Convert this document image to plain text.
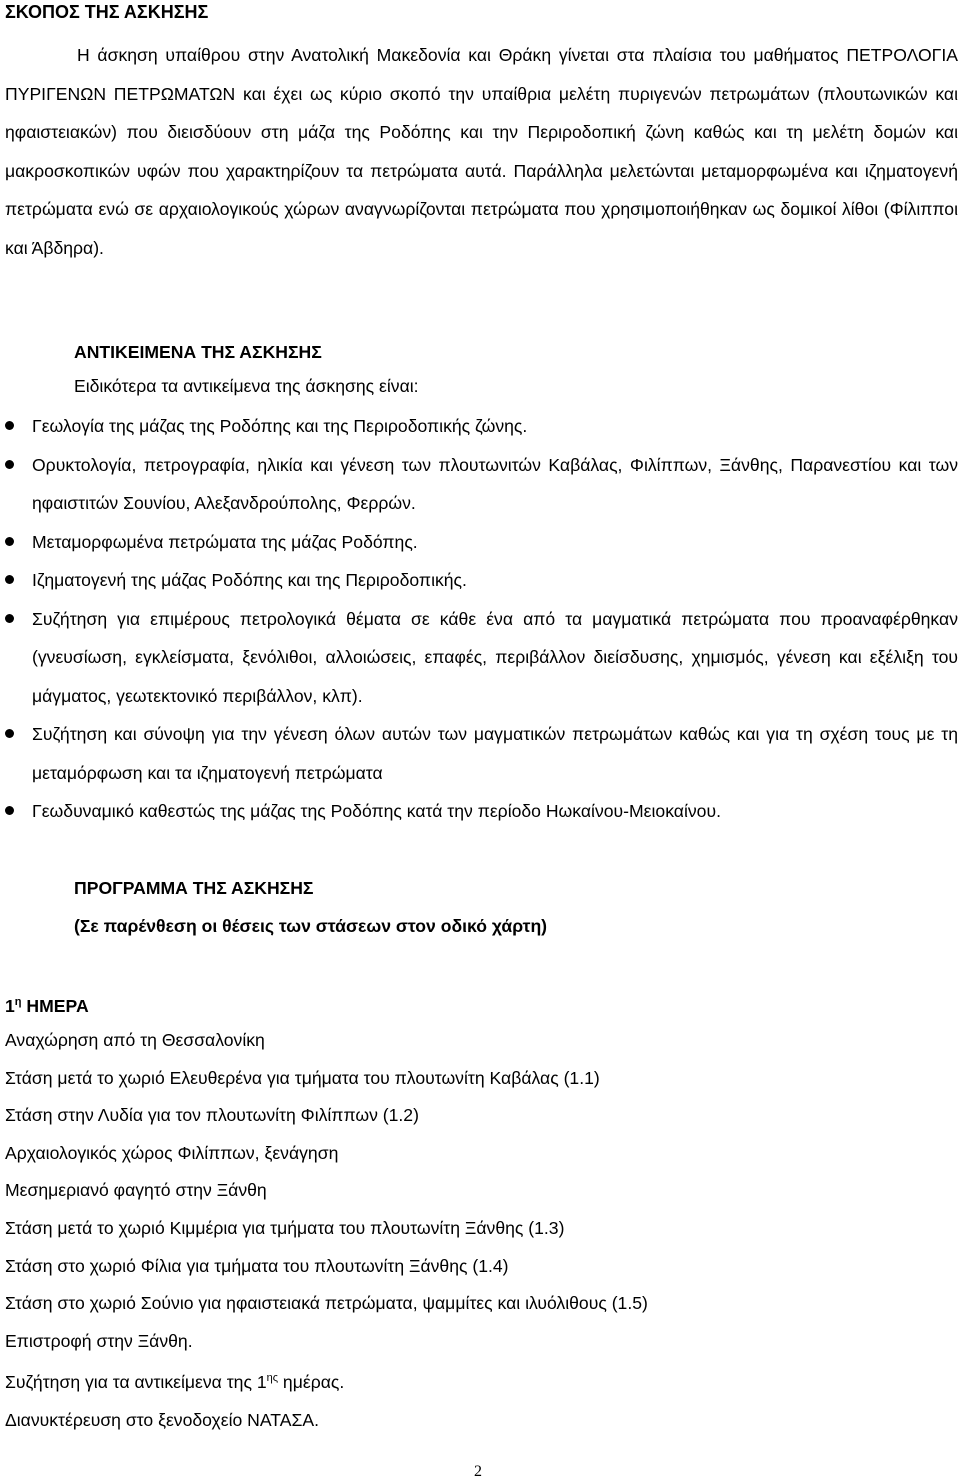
ΣΚΟΠΟΣ ΤΗΣ ΑΣΚΗΣΗΣ

Η άσκηση υπαίθρου στην Ανατολική Μακεδονία και Θράκη γίνεται στα πλαίσια του μαθήματος ΠΕΤΡΟΛΟΓΙΑ ΠΥΡΙΓΕΝΩΝ ΠΕΤΡΩΜΑΤΩΝ και έχει ως κύριο σκοπό την υπαίθρια μελέτη πυριγενών πετρωμάτων (πλουτωνικών και ηφαιστειακών) που διεισδύουν στη μάζα της Ροδόπης και την Περιροδοπική ζώνη καθώς και τη μελέτη δομών και μακροσκοπικών υφών που χαρακτηρίζουν τα πετρώματα αυτά. Παράλληλα μελετώνται μεταμορφωμένα και ιζηματογενή πετρώματα ενώ σε αρχαιολογικούς χώρων αναγνωρίζονται πετρώματα που χρησιμοποιήθηκαν ως δομικοί λίθοι (Φίλιπποι και Άβδηρα).

ΑΝΤΙΚΕΙΜΕΝΑ ΤΗΣ ΑΣΚΗΣΗΣ

Ειδικότερα τα αντικείμενα της άσκησης είναι:

Γεωλογία της μάζας της Ροδόπης και της Περιροδοπικής ζώνης.
Ορυκτολογία, πετρογραφία, ηλικία και γένεση των πλουτωνιτών Καβάλας, Φιλίππων, Ξάνθης, Παρανεστίου και των ηφαιστιτών Σουνίου, Αλεξανδρούπολης, Φερρών.
Μεταμορφωμένα πετρώματα της μάζας Ροδόπης.
Ιζηματογενή της μάζας Ροδόπης και της Περιροδοπικής.
Συζήτηση για επιμέρους πετρολογικά θέματα σε κάθε ένα από τα μαγματικά πετρώματα που προαναφέρθηκαν (γνευσίωση, εγκλείσματα, ξενόλιθοι, αλλοιώσεις, επαφές, περιβάλλον διείσδυσης, χημισμός, γένεση και εξέλιξη του μάγματος, γεωτεκτονικό περιβάλλον, κλπ).
Συζήτηση και σύνοψη για την γένεση όλων αυτών των μαγματικών πετρωμάτων καθώς και για τη σχέση τους με τη μεταμόρφωση και τα ιζηματογενή πετρώματα
Γεωδυναμικό καθεστώς της μάζας της Ροδόπης κατά την περίοδο Ηωκαίνου-Μειοκαίνου.
ΠΡΟΓΡΑΜΜΑ ΤΗΣ ΑΣΚΗΣΗΣ
(Σε παρένθεση οι θέσεις των στάσεων στον οδικό χάρτη)

$1^\eta$ ΗΜΕΡΑ

Αναχώρηση από τη Θεσσαλονίκη
Στάση μετά το χωριό Ελευθερένα για τμήματα του πλουτωνίτη Καβάλας (1.1)
Στάση στην Λυδία για τον πλουτωνίτη Φιλίππων (1.2)
Αρχαιολογικός χώρος Φιλίππων, ξενάγηση
Μεσημεριανό φαγητό στην Ξάνθη
Στάση μετά το χωριό Κιμμέρια για τμήματα του πλουτωνίτη Ξάνθης (1.3)
Στάση στο χωριό Φίλια για τμήματα του πλουτωνίτη Ξάνθης (1.4)
Στάση στο χωριό Σούνιο για ηφαιστειακά πετρώματα, ψαμμίτες και ιλυόλιθους (1.5)
Επιστροφή στην Ξάνθη.
Συζήτηση για τα αντικείμενα της $1^{\eta\varsigma}$ ημέρας.
Διανυκτέρευση στο ξενοδοχείο ΝΑΤΑΣΑ.
2
